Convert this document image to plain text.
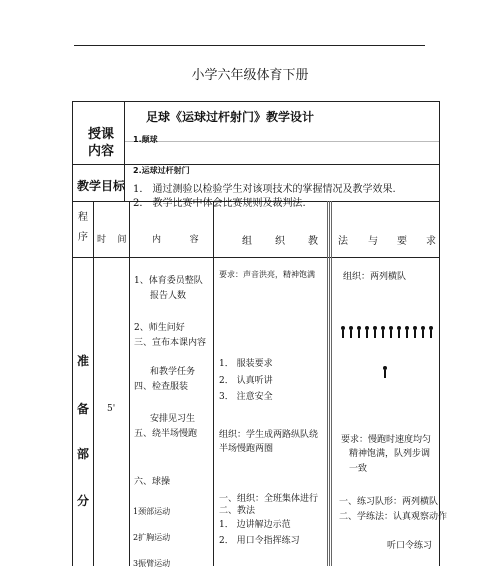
小学六年级体育下册
授课
足球《运球过杆射门》教学设计
内容
1.颠球
2.运球过杆射门
教学目标 1． 通过测验以检验学生对该项技术的掌握情况及教学效果.
2． 教学比赛中体会比赛规则及裁判法.
程
序 时    间	内          容	组 织 教 法 与 要 求
准
备
部
分
5'
1、体育委员整队
报告人数
2、师生问好
三、宣布本课内容
和教学任务
四、检查服装
安排见习生
五、绕半场慢跑
六、球操
1颈部运动
2扩胸运动
3振臂运动
要求：声音洪亮，精神饱满
1． 服装要求
2． 认真听讲
3． 注意安全
组织：学生成两路纵队绕
半场慢跑两圈
一、组织：全班集体进行
二、教法
1． 边讲解边示范
2． 用口令指挥练习
组织：两列横队
要求：慢跑时速度均匀
精神饱满，队列步调
一致
一、练习队形：两列横队
二、学练法：认真观察动作
听口令练习
